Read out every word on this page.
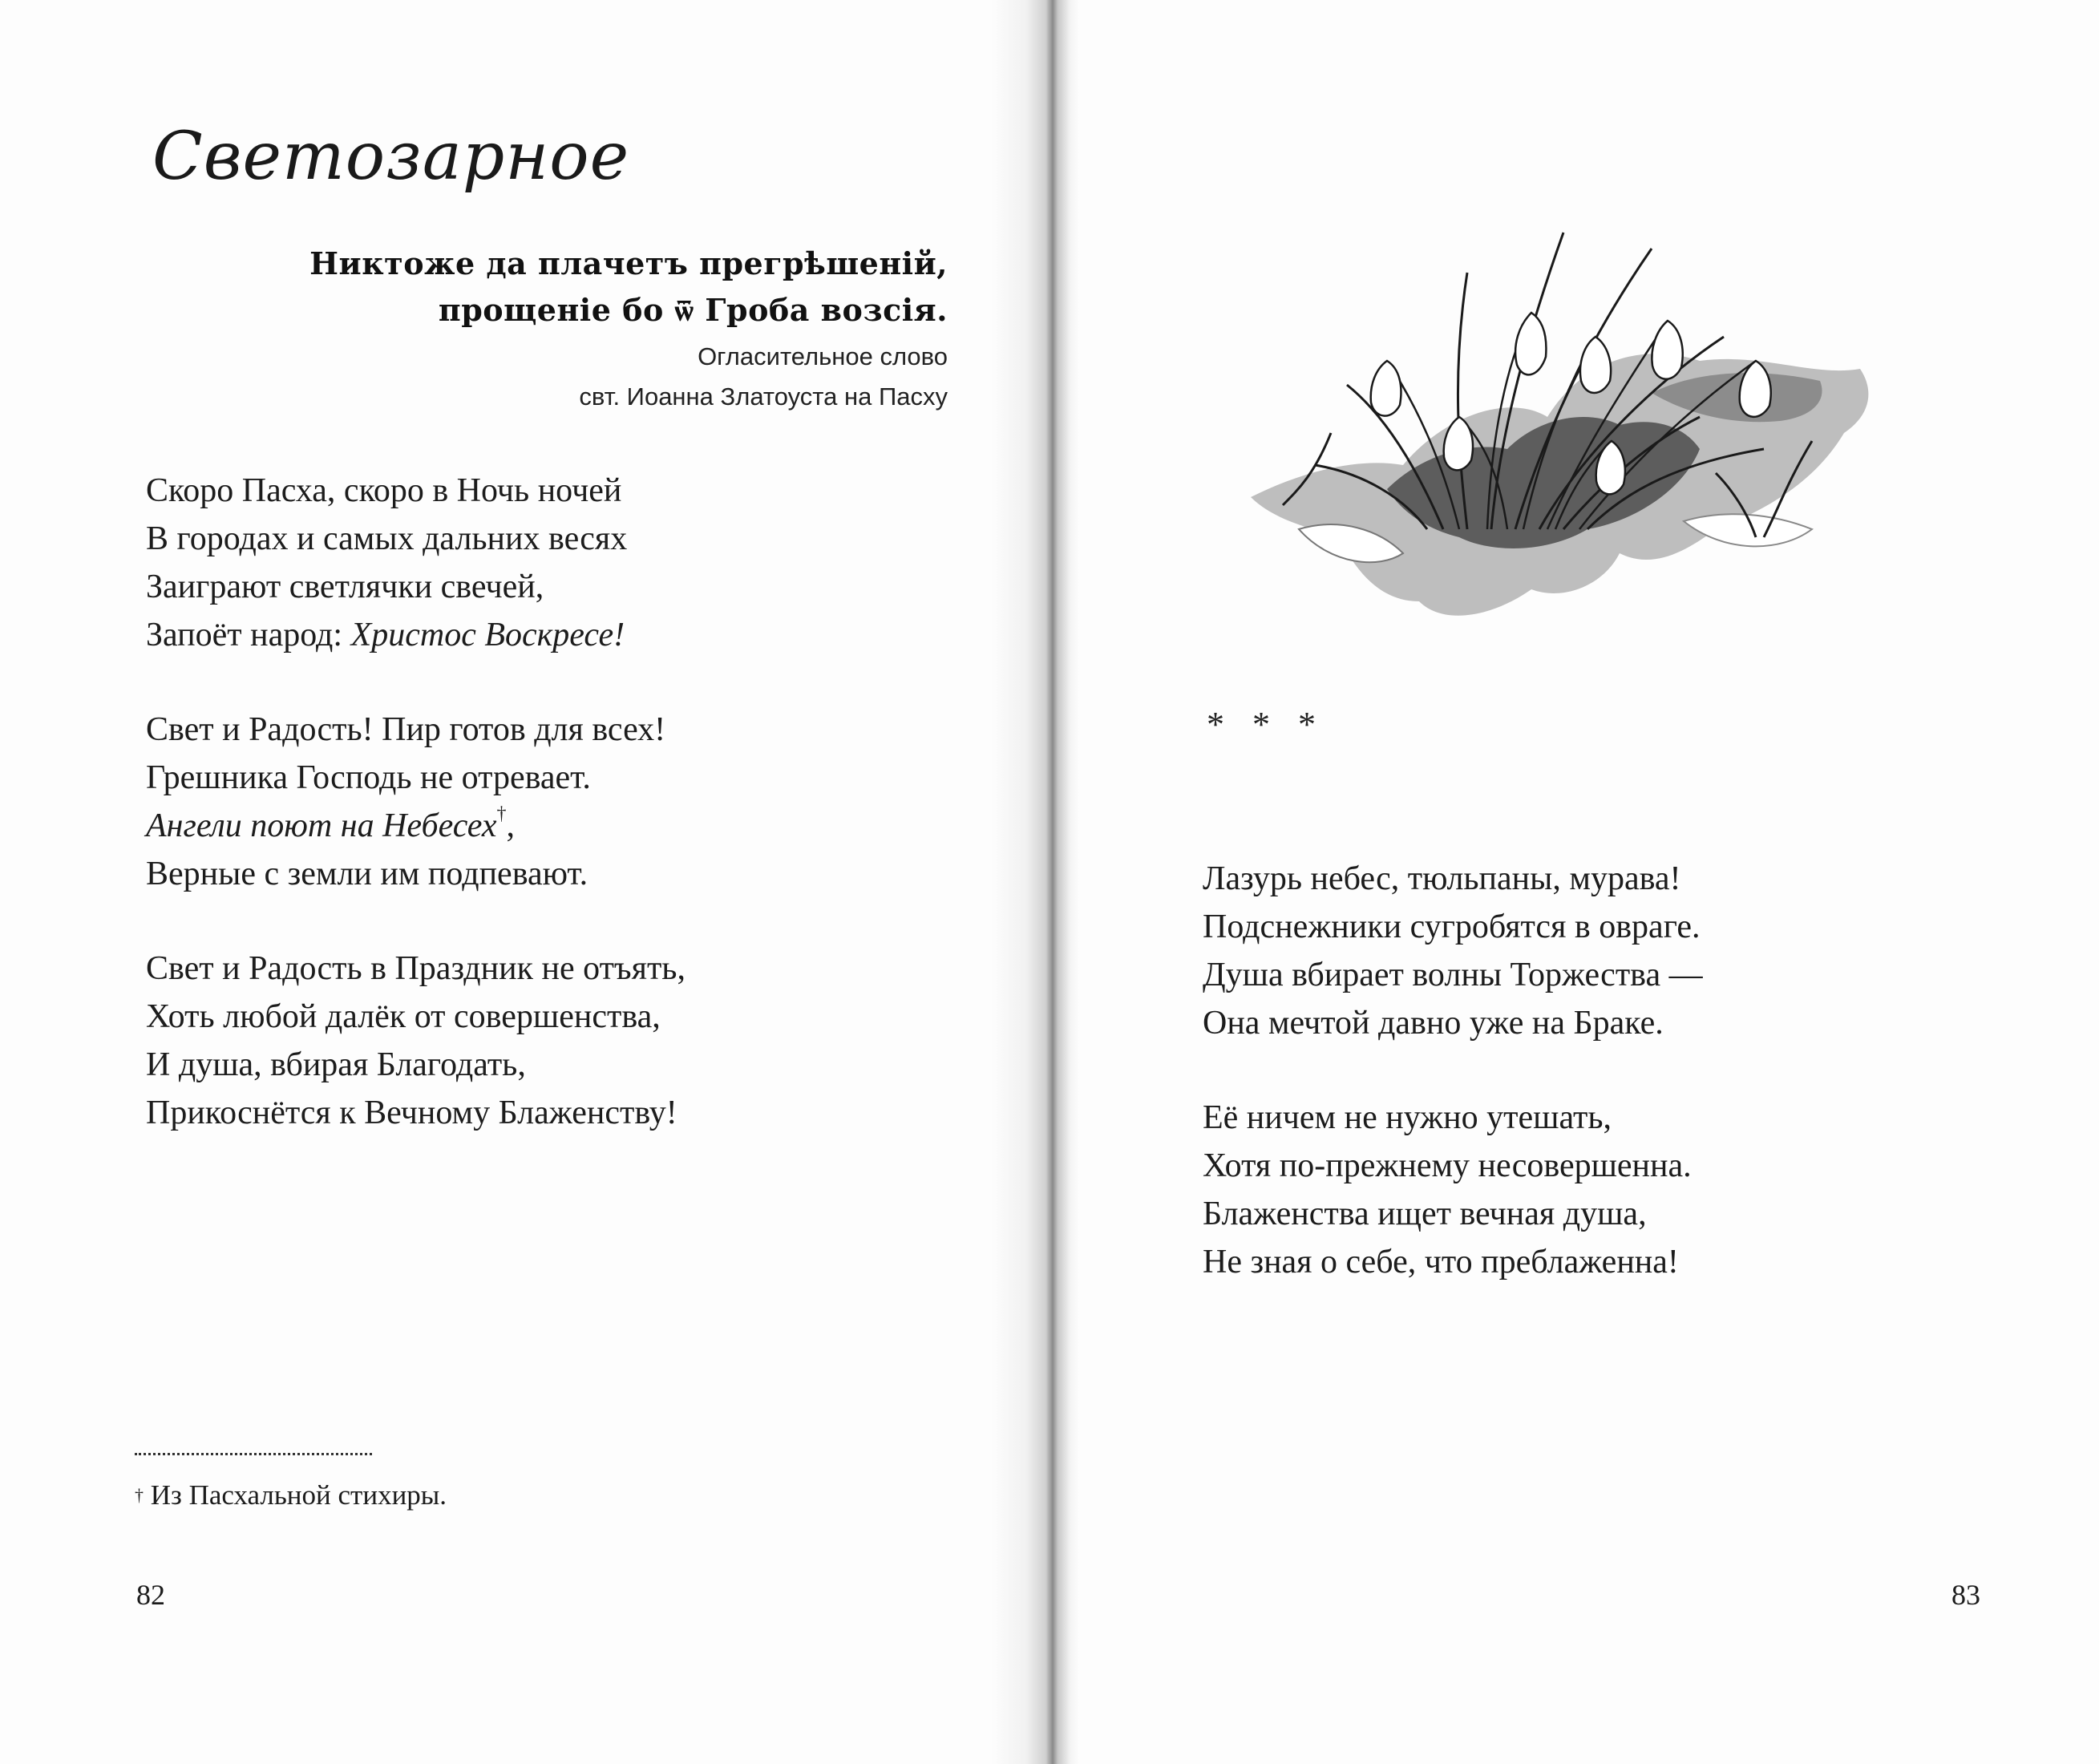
Светозарное
Никтоже да плачетъ прегрѣшеній,
прощеніе бо ѿ Гроба возсія.
Огласительное слово
свт. Иоанна Златоуста на Пасху
Скоро Пасха, скоро в Ночь ночей
В городах и самых дальних весях
Заиграют светлячки свечей,
Запоёт народ: Христос Воскресе!
Свет и Радость! Пир готов для всех!
Грешника Господь не отревает.
Ангели поют на Небесех†,
Верные с земли им подпевают.
Свет и Радость в Праздник не отъять,
Хоть любой далёк от совершенства,
И душа, вбирая Благодать,
Прикоснётся к Вечному Блаженству!
† Из Пасхальной стихиры.
82
* * *
Лазурь небес, тюльпаны, мурава!
Подснежники сугробятся в овраге.
Душа вбирает волны Торжества —
Она мечтой давно уже на Браке.
Её ничем не нужно утешать,
Хотя по-прежнему несовершенна.
Блаженства ищет вечная душа,
Не зная о себе, что преблаженна!
83
